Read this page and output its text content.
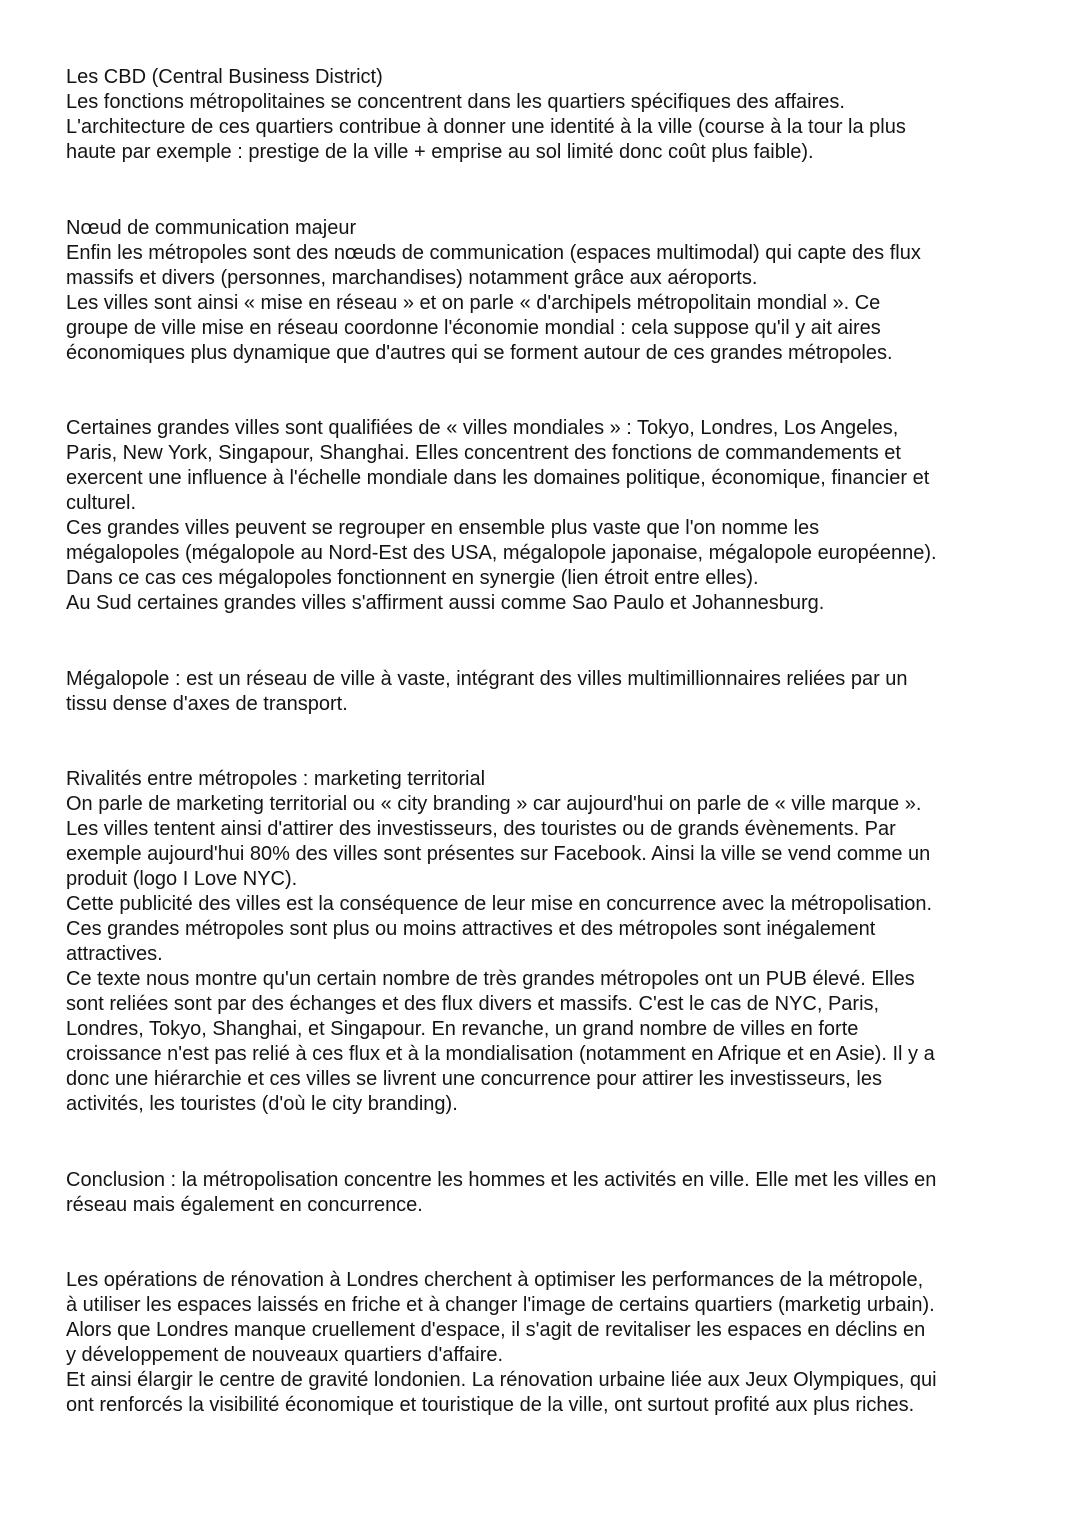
Les CBD (Central Business District)
Les fonctions métropolitaines se concentrent dans les quartiers spécifiques des affaires.
L'architecture de ces quartiers contribue à donner une identité à la ville (course à la tour la plus
haute par exemple : prestige de la ville + emprise au sol limité donc coût plus faible).
Nœud de communication majeur
Enfin les métropoles sont des nœuds de communication (espaces multimodal) qui capte des flux
massifs et divers (personnes, marchandises) notamment grâce aux aéroports.
Les villes sont ainsi « mise en réseau » et on parle « d'archipels métropolitain mondial ». Ce
groupe de ville mise en réseau coordonne l'économie mondial : cela suppose qu'il y ait aires
économiques plus dynamique que d'autres qui se forment autour de ces grandes métropoles.
Certaines grandes villes sont qualifiées de « villes mondiales » : Tokyo, Londres, Los Angeles,
Paris, New York, Singapour, Shanghai. Elles concentrent des fonctions de commandements et
exercent une influence à l'échelle mondiale dans les domaines politique, économique, financier et
culturel.
Ces grandes villes peuvent se regrouper en ensemble plus vaste que l'on nomme les
mégalopoles (mégalopole au Nord-Est des USA, mégalopole japonaise, mégalopole européenne).
Dans ce cas ces mégalopoles fonctionnent en synergie (lien étroit entre elles).
Au Sud certaines grandes villes s'affirment aussi comme Sao Paulo et Johannesburg.
Mégalopole : est un réseau de ville à vaste, intégrant des villes multimillionnaires reliées par un
tissu dense d'axes de transport.
Rivalités entre métropoles : marketing territorial
On parle de marketing territorial ou « city branding » car aujourd'hui on parle de « ville marque ».
Les villes tentent ainsi d'attirer des investisseurs, des touristes ou de grands évènements. Par
exemple aujourd'hui 80% des villes sont présentes sur Facebook. Ainsi la ville se vend comme un
produit (logo I Love NYC).
Cette publicité des villes est la conséquence de leur mise en concurrence avec la métropolisation.
Ces grandes métropoles sont plus ou moins attractives et des métropoles sont inégalement
attractives.
Ce texte nous montre qu'un certain nombre de très grandes métropoles ont un PUB élevé. Elles
sont reliées sont par des échanges et des flux divers et massifs. C'est le cas de NYC, Paris,
Londres, Tokyo, Shanghai, et Singapour. En revanche, un grand nombre de villes en forte
croissance n'est pas relié à ces flux et à la mondialisation (notamment en Afrique et en Asie). Il y a
donc une hiérarchie et ces villes se livrent une concurrence pour attirer les investisseurs, les
activités, les touristes (d'où le city branding).
Conclusion : la métropolisation concentre les hommes et les activités en ville. Elle met les villes en
réseau mais également en concurrence.
Les opérations de rénovation à Londres cherchent à optimiser les performances de la métropole,
à utiliser les espaces laissés en friche et à changer l'image de certains quartiers (marketig urbain).
Alors que Londres manque cruellement d'espace, il s'agit de revitaliser les espaces en déclins en
y développement de nouveaux quartiers d'affaire.
Et ainsi élargir le centre de gravité londonien. La rénovation urbaine liée aux Jeux Olympiques, qui
ont renforcés la visibilité économique et touristique de la ville, ont surtout profité aux plus riches.
